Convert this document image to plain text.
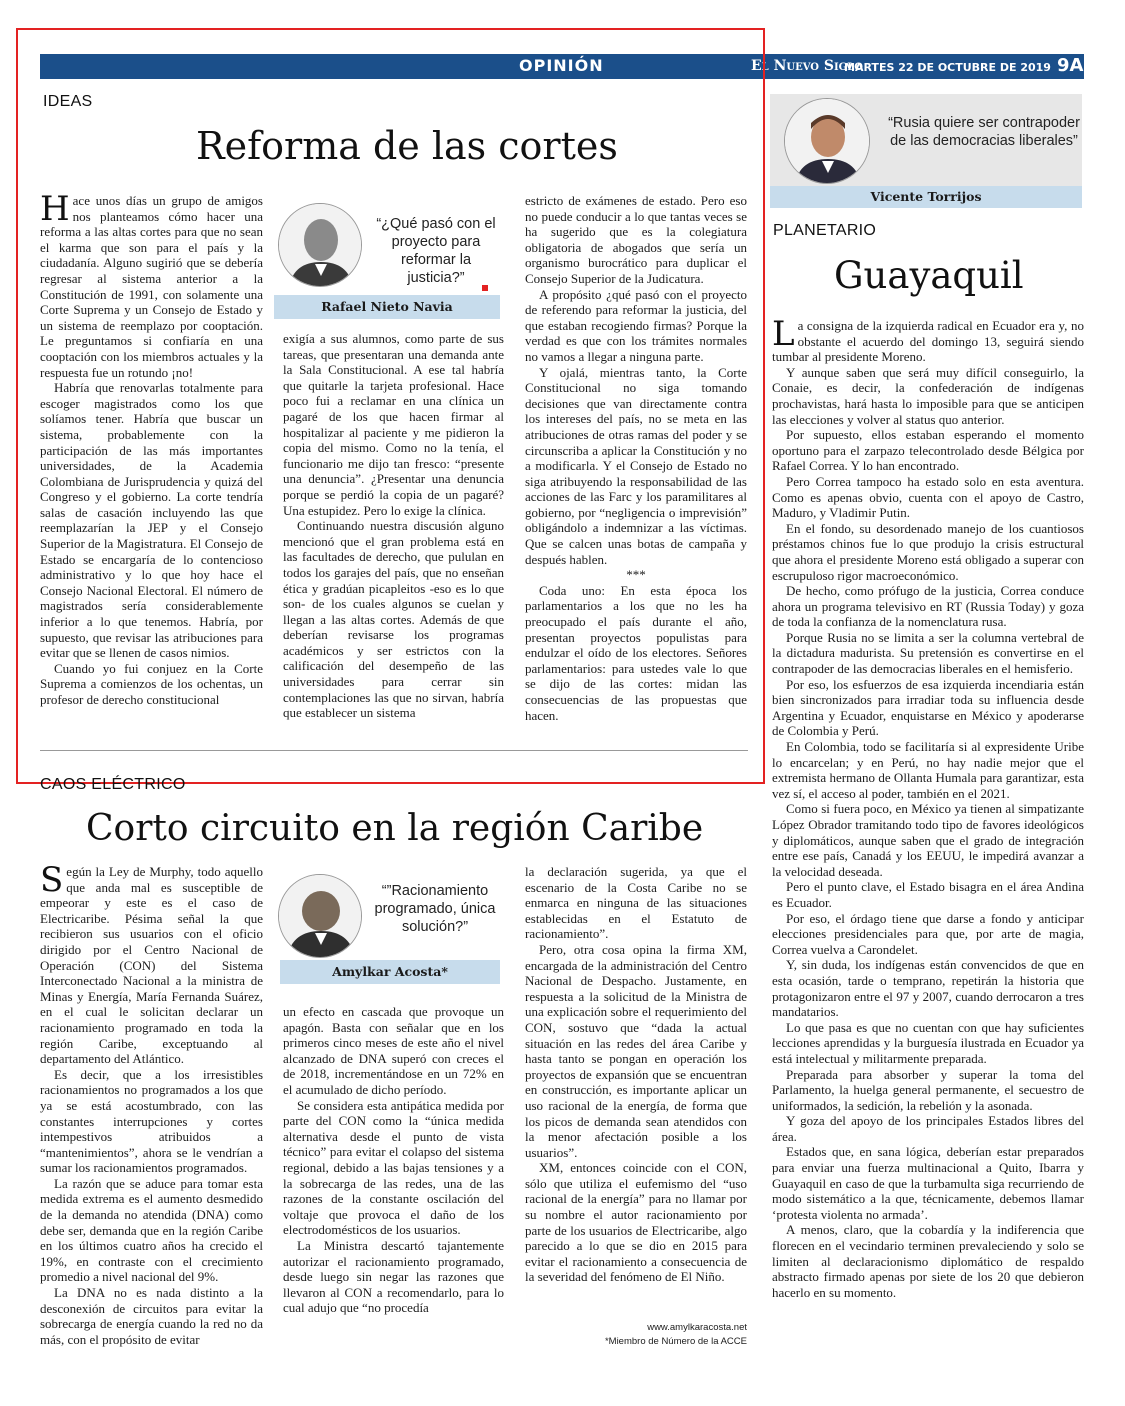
OPINIÓN	El Nuevo Siglo
MARTES 22 DE OCTUBRE DE 2019 9A
IDEAS
Reforma de las cortes

Hace unos días un grupo de amigos nos planteamos cómo hacer una reforma a las altas cortes para que no sean el karma que son para el país y la ciudadanía. Alguno sugirió que se debería regresar al sistema anterior a la Constitución de 1991, con solamente una Corte Suprema y un Consejo de Estado y un sistema de reemplazo por cooptación. Le preguntamos si confiaría en una cooptación con los miembros actuales y la respuesta fue un rotundo ¡no!

Habría que renovarlas totalmente para escoger magistrados como los que solíamos tener. Habría que buscar un sistema, probablemente con la participación de las más importantes universidades, de la Academia Colombiana de Jurisprudencia y quizá del Congreso y el gobierno. La corte tendría salas de casación incluyendo las que reemplazarían la JEP y el Consejo Superior de la Magistratura. El Consejo de Estado se encargaría de lo contencioso administrativo y lo que hoy hace el Consejo Nacional Electoral. El número de magistrados sería considerablemente inferior a lo que tenemos. Habría, por supuesto, que revisar las atribuciones para evitar que se llenen de casos nimios.

Cuando yo fui conjuez en la Corte Suprema a comienzos de los ochentas, un profesor de derecho constitucional

“¿Qué pasó con el proyecto para reformar la justicia?”
Rafael Nieto Navia

exigía a sus alumnos, como parte de sus tareas, que presentaran una demanda ante la Sala Constitucional. A ese tal habría que quitarle la tarjeta profesional. Hace poco fui a reclamar en una clínica un pagaré de los que hacen firmar al hospitalizar al paciente y me pidieron la copia del mismo. Como no la tenía, el funcionario me dijo tan fresco: “presente una denuncia”. ¿Presentar una denuncia porque se perdió la copia de un pagaré? Una estupidez. Pero lo exige la clínica.

Continuando nuestra discusión alguno mencionó que el gran problema está en las facultades de derecho, que pululan en todos los garajes del país, que no enseñan ética y gradúan picapleitos -eso es lo que son- de los cuales algunos se cuelan y llegan a las altas cortes. Además de que deberían revisarse los programas académicos y ser estrictos con la calificación del desempeño de las universidades para cerrar sin contemplaciones las que no sirvan, habría que establecer un sistema

estricto de exámenes de estado. Pero eso no puede conducir a lo que tantas veces se ha sugerido que es la colegiatura obligatoria de abogados que sería un organismo burocrático para duplicar el Consejo Superior de la Judicatura.

A propósito ¿qué pasó con el proyecto de referendo para reformar la justicia, del que estaban recogiendo firmas? Porque la verdad es que con los trámites normales no vamos a llegar a ninguna parte.

Y ojalá, mientras tanto, la Corte Constitucional no siga tomando decisiones que van directamente contra los intereses del país, no se meta en las atribuciones de otras ramas del poder y se circunscriba a aplicar la Constitución y no a modificarla. Y el Consejo de Estado no siga atribuyendo la responsabilidad de las acciones de las Farc y los paramilitares al gobierno, por “negligencia o imprevisión” obligándolo a indemnizar a las víctimas. Que se calcen unas botas de campaña y después hablen.

***

Coda uno: En esta época los parlamentarios a los que no les ha preocupado el país durante el año, presentan proyectos populistas para endulzar el oído de los electores. Señores parlamentarios: para ustedes vale lo que se dijo de las cortes: midan las consecuencias de las propuestas que hacen.

CAOS ELÉCTRICO
Corto circuito en la región Caribe

Según la Ley de Murphy, todo aquello que anda mal es susceptible de empeorar y este es el caso de Electricaribe. Pésima señal la que recibieron sus usuarios con el oficio dirigido por el Centro Nacional de Operación (CON) del Sistema Interconectado Nacional a la ministra de Minas y Energía, María Fernanda Suárez, en el cual le solicitan declarar un racionamiento programado en toda la región Caribe, exceptuando al departamento del Atlántico.

Es decir, que a los irresistibles racionamientos no programados a los que ya se está acostumbrado, con las constantes interrupciones y cortes intempestivos atribuidos a “mantenimientos”, ahora se le vendrían a sumar los racionamientos programados.

La razón que se aduce para tomar esta medida extrema es el aumento desmedido de la demanda no atendida (DNA) como debe ser, demanda que en la región Caribe en los últimos cuatro años ha crecido el 19%, en contraste con el crecimiento promedio a nivel nacional del 9%.

La DNA no es nada distinto a la desconexión de circuitos para evitar la sobrecarga de energía cuando la red no da más, con el propósito de evitar

“”Racionamiento programado, única solución?”
Amylkar Acosta*

un efecto en cascada que provoque un apagón. Basta con señalar que en los primeros cinco meses de este año el nivel alcanzado de DNA superó con creces el de 2018, incrementándose en un 72% en el acumulado de dicho período.

Se considera esta antipática medida por parte del CON como la “única medida alternativa desde el punto de vista técnico” para evitar el colapso del sistema regional, debido a las bajas tensiones y a la sobrecarga de las redes, una de las razones de la constante oscilación del voltaje que provoca el daño de los electrodomésticos de los usuarios.

La Ministra descartó tajantemente autorizar el racionamiento programado, desde luego sin negar las razones que llevaron al CON a recomendarlo, para lo cual adujo que “no procedía

la declaración sugerida, ya que el escenario de la Costa Caribe no se enmarca en ninguna de las situaciones establecidas en el Estatuto de racionamiento”.

Pero, otra cosa opina la firma XM, encargada de la administración del Centro Nacional de Despacho. Justamente, en respuesta a la solicitud de la Ministra de una explicación sobre el requerimiento del CON, sostuvo que “dada la actual situación en las redes del área Caribe y hasta tanto se pongan en operación los proyectos de expansión que se encuentran en construcción, es importante aplicar un uso racional de la energía, de forma que los picos de demanda sean atendidos con la menor afectación posible a los usuarios”.

XM, entonces coincide con el CON, sólo que utiliza el eufemismo del “uso racional de la energía” para no llamar por su nombre el autor racionamiento por parte de los usuarios de Electricaribe, algo parecido a lo que se dio en 2015 para evitar el racionamiento a consecuencia de la severidad del fenómeno de El Niño.

www.amylkaracosta.net
*Miembro de Número de la ACCE
“Rusia quiere ser contrapoder de las democracias liberales”
Vicente Torrijos
PLANETARIO
Guayaquil

La consigna de la izquierda radical en Ecuador era y, no obstante el acuerdo del domingo 13, seguirá siendo tumbar al presidente Moreno.

Y aunque saben que será muy difícil conseguirlo, la Conaie, es decir, la confederación de indígenas prochavistas, hará hasta lo imposible para que se anticipen las elecciones y volver al status quo anterior.

Por supuesto, ellos estaban esperando el momento oportuno para el zarpazo telecontrolado desde Bélgica por Rafael Correa. Y lo han encontrado.

Pero Correa tampoco ha estado solo en esta aventura. Como es apenas obvio, cuenta con el apoyo de Castro, Maduro, y Vladimir Putin.

En el fondo, su desordenado manejo de los cuantiosos préstamos chinos fue lo que produjo la crisis estructural que ahora el presidente Moreno está obligado a superar con escrupuloso rigor macroeconómico.

De hecho, como prófugo de la justicia, Correa conduce ahora un programa televisivo en RT (Russia Today) y goza de toda la confianza de la nomenclatura rusa.

Porque Rusia no se limita a ser la columna vertebral de la dictadura madurista. Su pretensión es convertirse en el contrapoder de las democracias liberales en el hemisferio.

Por eso, los esfuerzos de esa izquierda incendiaria están bien sincronizados para irradiar toda su influencia desde Argentina y Ecuador, enquistarse en México y apoderarse de Colombia y Perú.

En Colombia, todo se facilitaría si al expresidente Uribe lo encarcelan; y en Perú, no hay nadie mejor que el extremista hermano de Ollanta Humala para garantizar, esta vez sí, el acceso al poder, también en el 2021.

Como si fuera poco, en México ya tienen al simpatizante López Obrador tramitando todo tipo de favores ideológicos y diplomáticos, aunque saben que el grado de integración entre ese país, Canadá y los EEUU, le impedirá avanzar a la velocidad deseada.

Pero el punto clave, el Estado bisagra en el área Andina es Ecuador.

Por eso, el órdago tiene que darse a fondo y anticipar elecciones presidenciales para que, por arte de magia, Correa vuelva a Carondelet.

Y, sin duda, los indígenas están convencidos de que en esta ocasión, tarde o temprano, repetirán la historia que protagonizaron entre el 97 y 2007, cuando derrocaron a tres mandatarios.

Lo que pasa es que no cuentan con que hay suficientes lecciones aprendidas y la burguesía ilustrada en Ecuador ya está intelectual y militarmente preparada.

Preparada para absorber y superar la toma del Parlamento, la huelga general permanente, el secuestro de uniformados, la sedición, la rebelión y la asonada.

Y goza del apoyo de los principales Estados libres del área.

Estados que, en sana lógica, deberían estar preparados para enviar una fuerza multinacional a Quito, Ibarra y Guayaquil en caso de que la turbamulta siga recurriendo de modo sistemático a la que, técnicamente, debemos llamar ‘protesta violenta no armada’.

A menos, claro, que la cobardía y la indiferencia que florecen en el vecindario terminen prevaleciendo y solo se limiten al declaracionismo diplomático de respaldo abstracto firmado apenas por siete de los 20 que debieron hacerlo en su momento.
